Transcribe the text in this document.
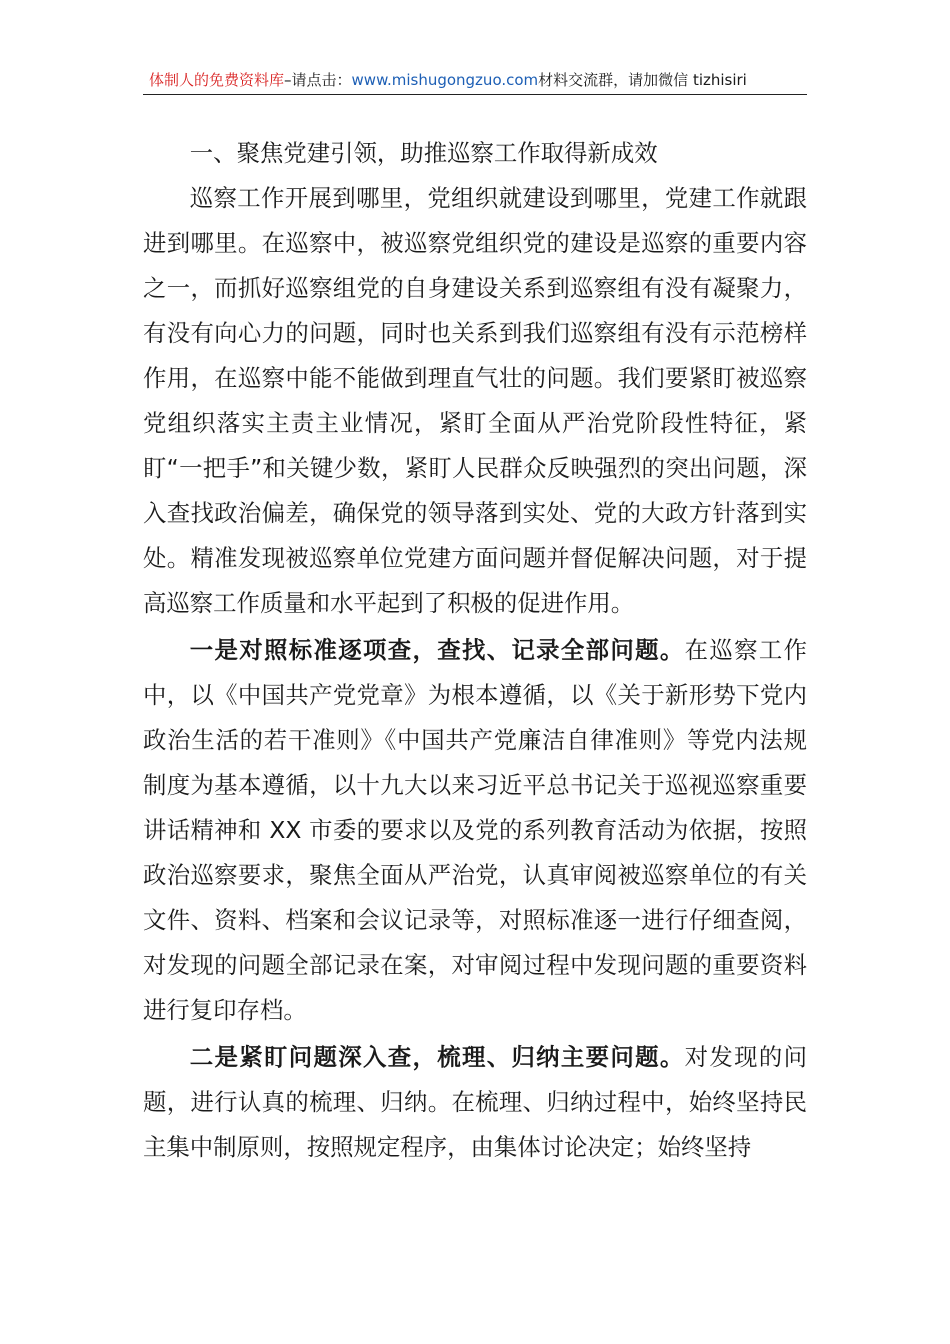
体制人的免费资料库–请点击：www.mishugongzuo.com材料交流群，请加微信 tizhisiri

一、聚焦党建引领，助推巡察工作取得新成效

巡察工作开展到哪里，党组织就建设到哪里，党建工作就跟进到哪里。在巡察中，被巡察党组织党的建设是巡察的重要内容之一，而抓好巡察组党的自身建设关系到巡察组有没有凝聚力，有没有向心力的问题，同时也关系到我们巡察组有没有示范榜样作用，在巡察中能不能做到理直气壮的问题。我们要紧盯被巡察党组织落实主责主业情况，紧盯全面从严治党阶段性特征，紧盯“一把手”和关键少数，紧盯人民群众反映强烈的突出问题，深入查找政治偏差，确保党的领导落到实处、党的大政方针落到实处。精准发现被巡察单位党建方面问题并督促解决问题，对于提高巡察工作质量和水平起到了积极的促进作用。

一是对照标准逐项查，查找、记录全部问题。在巡察工作中，以《中国共产党党章》为根本遵循，以《关于新形势下党内政治生活的若干准则》《中国共产党廉洁自律准则》等党内法规制度为基本遵循，以十九大以来习近平总书记关于巡视巡察重要讲话精神和 XX 市委的要求以及党的系列教育活动为依据，按照政治巡察要求，聚焦全面从严治党，认真审阅被巡察单位的有关文件、资料、档案和会议记录等，对照标准逐一进行仔细查阅，对发现的问题全部记录在案，对审阅过程中发现问题的重要资料进行复印存档。

二是紧盯问题深入查，梳理、归纳主要问题。对发现的问题，进行认真的梳理、归纳。在梳理、归纳过程中，始终坚持民主集中制原则，按照规定程序，由集体讨论决定；始终坚持
